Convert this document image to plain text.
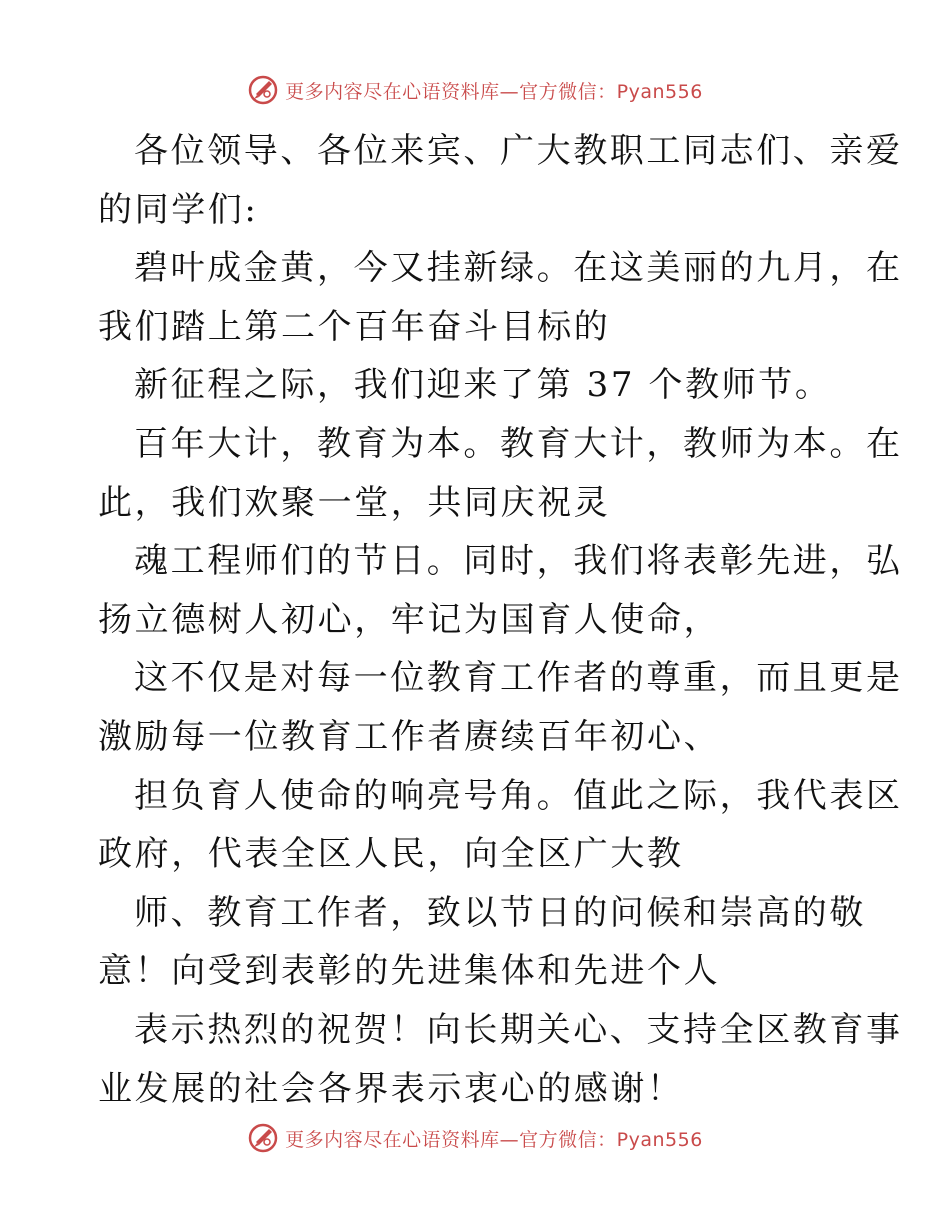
更多内容尽在心语资料库—官方微信：Pyan556
各位领导、各位来宾、广大教职工同志们、亲爱
的同学们:
碧叶成金黄，今又挂新绿。在这美丽的九月，在
我们踏上第二个百年奋斗目标的
新征程之际，我们迎来了第 37 个教师节。
百年大计，教育为本。教育大计，教师为本。在
此，我们欢聚一堂，共同庆祝灵
魂工程师们的节日。同时，我们将表彰先进，弘
扬立德树人初心，牢记为国育人使命，
这不仅是对每一位教育工作者的尊重，而且更是
激励每一位教育工作者赓续百年初心、
担负育人使命的响亮号角。值此之际，我代表区
政府，代表全区人民，向全区广大教
师、教育工作者，致以节日的问候和崇高的敬
意！向受到表彰的先进集体和先进个人
表示热烈的祝贺！向长期关心、支持全区教育事
业发展的社会各界表示衷心的感谢！
更多内容尽在心语资料库—官方微信：Pyan556
